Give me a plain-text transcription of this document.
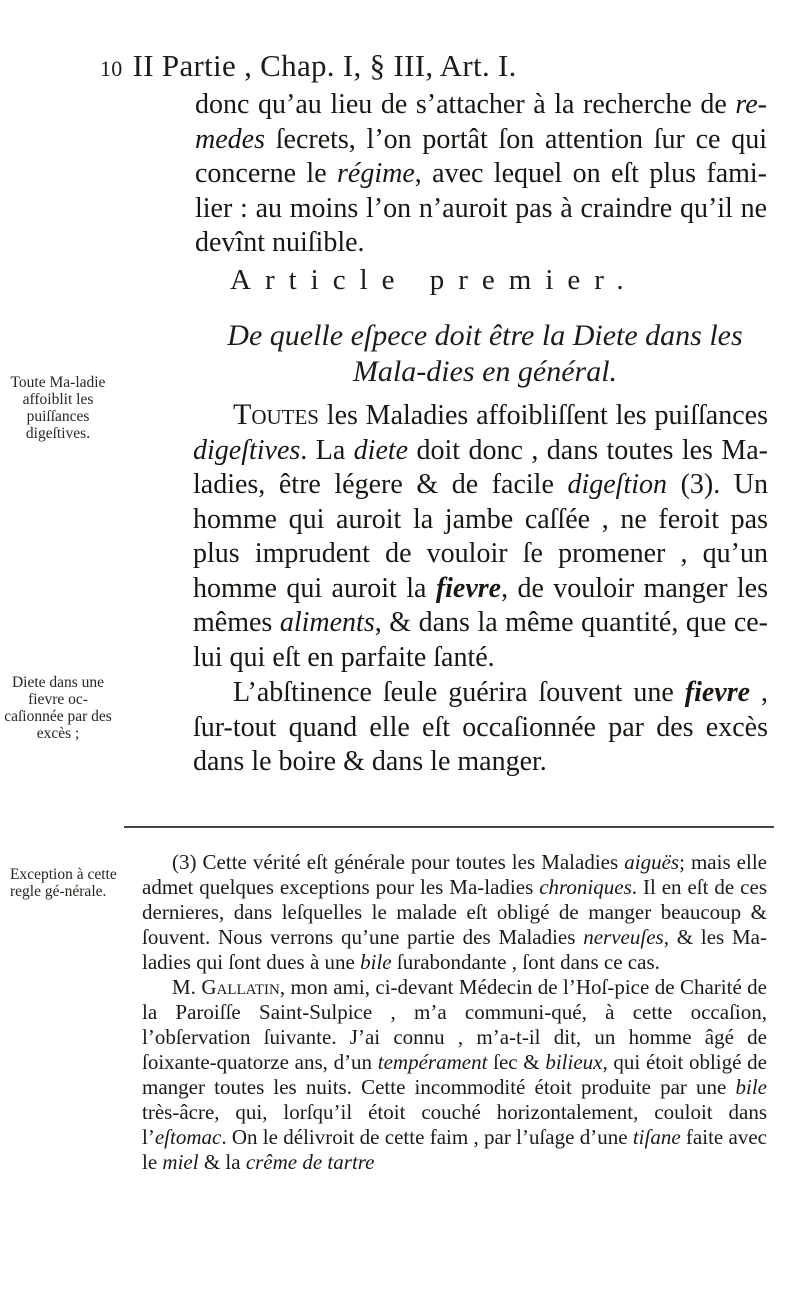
10 II Partie , Chap. I, § III, Art. I.
donc qu’au lieu de s’attacher à la recherche de re-medes ſecrets, l’on portât ſon attention ſur ce qui concerne le régime, avec lequel on eſt plus fami-lier : au moins l’on n’auroit pas à craindre qu’il ne devînt nuiſible.
Article premier.
De quelle eſpece doit être la Diete dans les Mala-dies en général.
Toute Ma-ladie affoiblit les puiſſances digeſtives.
Toutes les Maladies affoibliſſent les puiſſances digeſtives. La diete doit donc , dans toutes les Ma-ladies, être légere & de facile digeſtion (3). Un homme qui auroit la jambe caſſée , ne feroit pas plus imprudent de vouloir ſe promener , qu’un homme qui auroit la fievre, de vouloir manger les mêmes aliments, & dans la même quantité, que ce-lui qui eſt en parfaite ſanté.
Diete dans une fievre oc-caſionnée par des excès ;
L’abſtinence ſeule guérira ſouvent une fievre , ſur-tout quand elle eſt occaſionnée par des excès dans le boire & dans le manger.
Exception à cette regle gé-nérale.

(3) Cette vérité eſt générale pour toutes les Maladies aiguës; mais elle admet quelques exceptions pour les Ma-ladies chroniques. Il en eſt de ces dernieres, dans leſquelles le malade eſt obligé de manger beaucoup & ſouvent. Nous verrons qu’une partie des Maladies nerveuſes, & les Ma-ladies qui ſont dues à une bile ſurabondante , ſont dans ce cas.

M. Gallatin, mon ami, ci-devant Médecin de l’Hoſ-pice de Charité de la Paroiſſe Saint-Sulpice , m’a communi-qué, à cette occaſion, l’obſervation ſuivante. J’ai connu , m’a-t-il dit, un homme âgé de ſoixante-quatorze ans, d’un tempérament ſec & bilieux, qui étoit obligé de manger toutes les nuits. Cette incommodité étoit produite par une bile très-âcre, qui, lorſqu’il étoit couché horizontalement, couloit dans l’eſtomac. On le délivroit de cette faim , par l’uſage d’une tiſane faite avec le miel & la crême de tartre
